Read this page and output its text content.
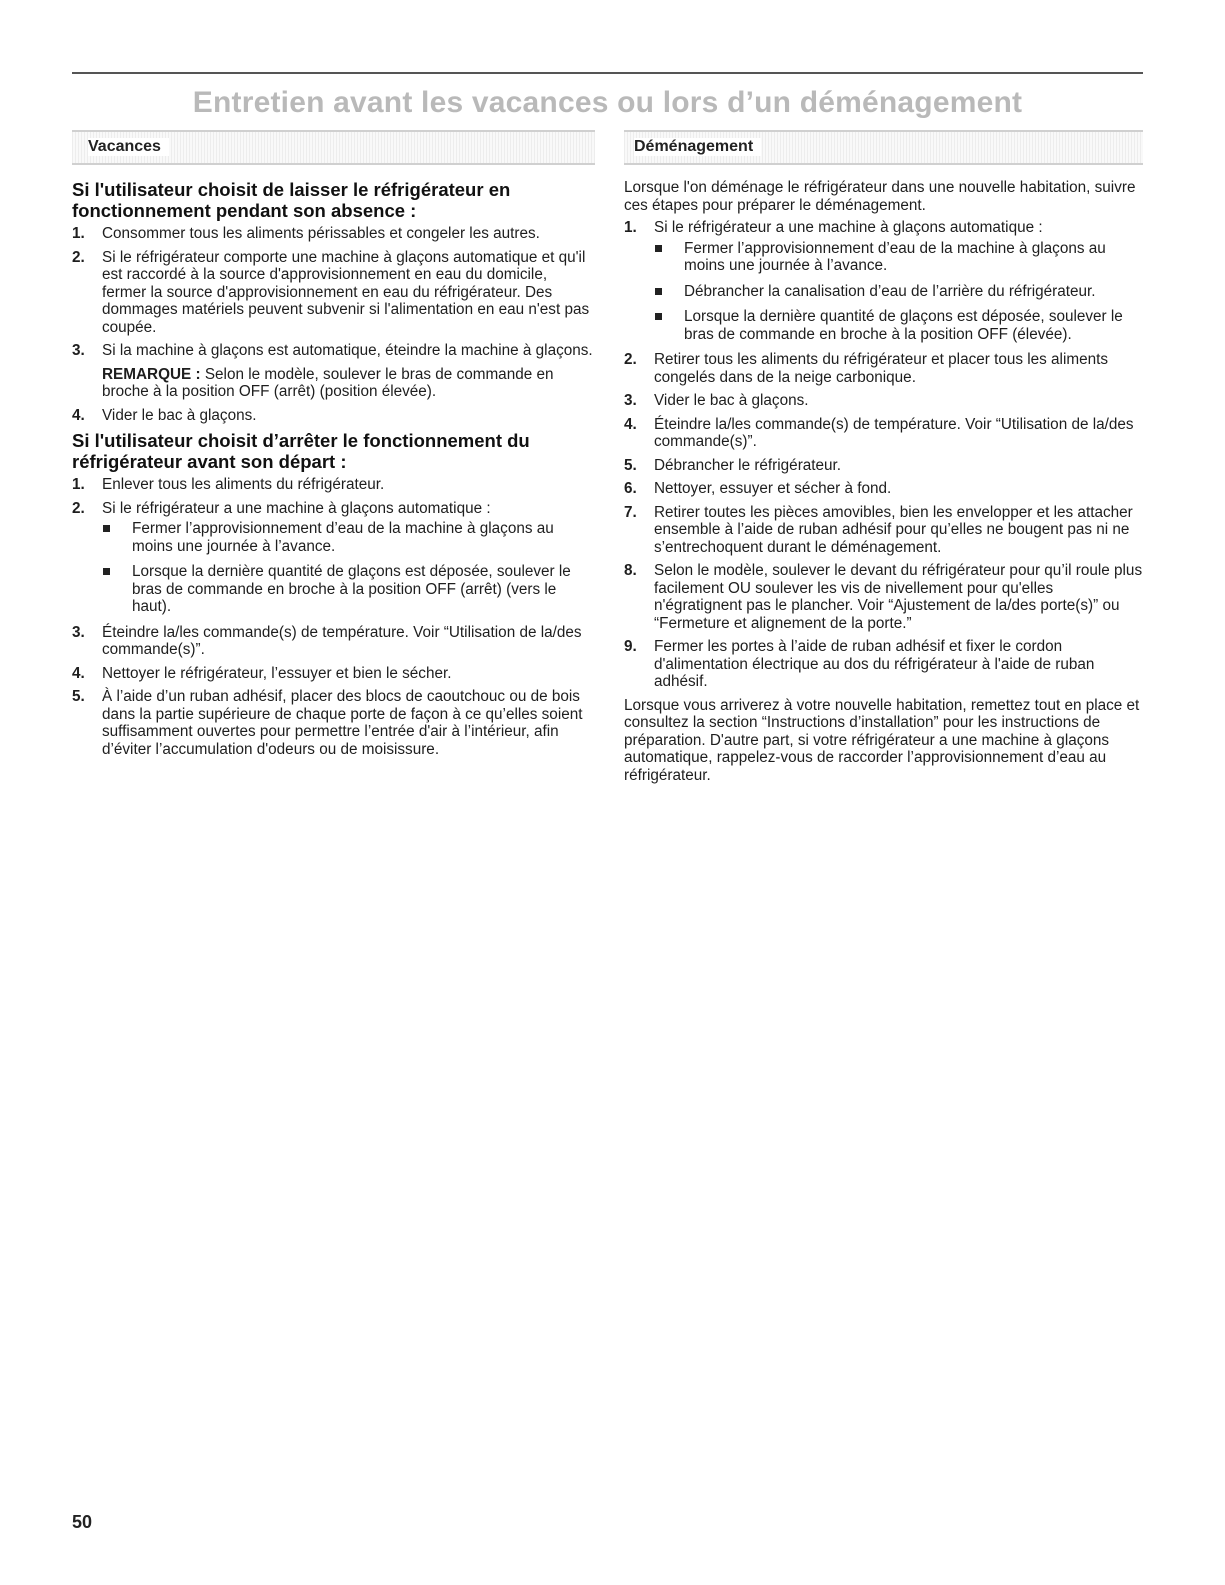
Entretien avant les vacances ou lors d’un déménagement
Vacances
Si l'utilisateur choisit de laisser le réfrigérateur en fonctionnement pendant son absence :
1. Consommer tous les aliments périssables et congeler les autres.
2. Si le réfrigérateur comporte une machine à glaçons automatique et qu'il est raccordé à la source d'approvisionnement en eau du domicile, fermer la source d'approvisionnement en eau du réfrigérateur. Des dommages matériels peuvent subvenir si l'alimentation en eau n'est pas coupée.
3. Si la machine à glaçons est automatique, éteindre la machine à glaçons.
REMARQUE : Selon le modèle, soulever le bras de commande en broche à la position OFF (arrêt) (position élevée).
4. Vider le bac à glaçons.
Si l'utilisateur choisit d’arrêter le fonctionnement du réfrigérateur avant son départ :
1. Enlever tous les aliments du réfrigérateur.
2. Si le réfrigérateur a une machine à glaçons automatique :
Fermer l’approvisionnement d’eau de la machine à glaçons au moins une journée à l’avance.
Lorsque la dernière quantité de glaçons est déposée, soulever le bras de commande en broche à la position OFF (arrêt) (vers le haut).
3. Éteindre la/les commande(s) de température. Voir “Utilisation de la/des commande(s)”.
4. Nettoyer le réfrigérateur, l’essuyer et bien le sécher.
5. À l’aide d’un ruban adhésif, placer des blocs de caoutchouc ou de bois dans la partie supérieure de chaque porte de façon à ce qu’elles soient suffisamment ouvertes pour permettre l’entrée d'air à l’intérieur, afin d’éviter l’accumulation d'odeurs ou de moisissure.
Déménagement

Lorsque l'on déménage le réfrigérateur dans une nouvelle habitation, suivre ces étapes pour préparer le déménagement.

1. Si le réfrigérateur a une machine à glaçons automatique :
Fermer l’approvisionnement d’eau de la machine à glaçons au moins une journée à l’avance.
Débrancher la canalisation d’eau de l’arrière du réfrigérateur.
Lorsque la dernière quantité de glaçons est déposée, soulever le bras de commande en broche à la position OFF (élevée).
2. Retirer tous les aliments du réfrigérateur et placer tous les aliments congelés dans de la neige carbonique.
3. Vider le bac à glaçons.
4. Éteindre la/les commande(s) de température. Voir “Utilisation de la/des commande(s)”.
5. Débrancher le réfrigérateur.
6. Nettoyer, essuyer et sécher à fond.
7. Retirer toutes les pièces amovibles, bien les envelopper et les attacher ensemble à l’aide de ruban adhésif pour qu’elles ne bougent pas ni ne s’entrechoquent durant le déménagement.
8. Selon le modèle, soulever le devant du réfrigérateur pour qu’il roule plus facilement OU soulever les vis de nivellement pour qu'elles n'égratignent pas le plancher. Voir “Ajustement de la/des porte(s)” ou “Fermeture et alignement de la porte.”
9. Fermer les portes à l’aide de ruban adhésif et fixer le cordon d'alimentation électrique au dos du réfrigérateur à l'aide de ruban adhésif.

Lorsque vous arriverez à votre nouvelle habitation, remettez tout en place et consultez la section “Instructions d’installation” pour les instructions de préparation. D'autre part, si votre réfrigérateur a une machine à glaçons automatique, rappelez-vous de raccorder l’approvisionnement d’eau au réfrigérateur.

50
